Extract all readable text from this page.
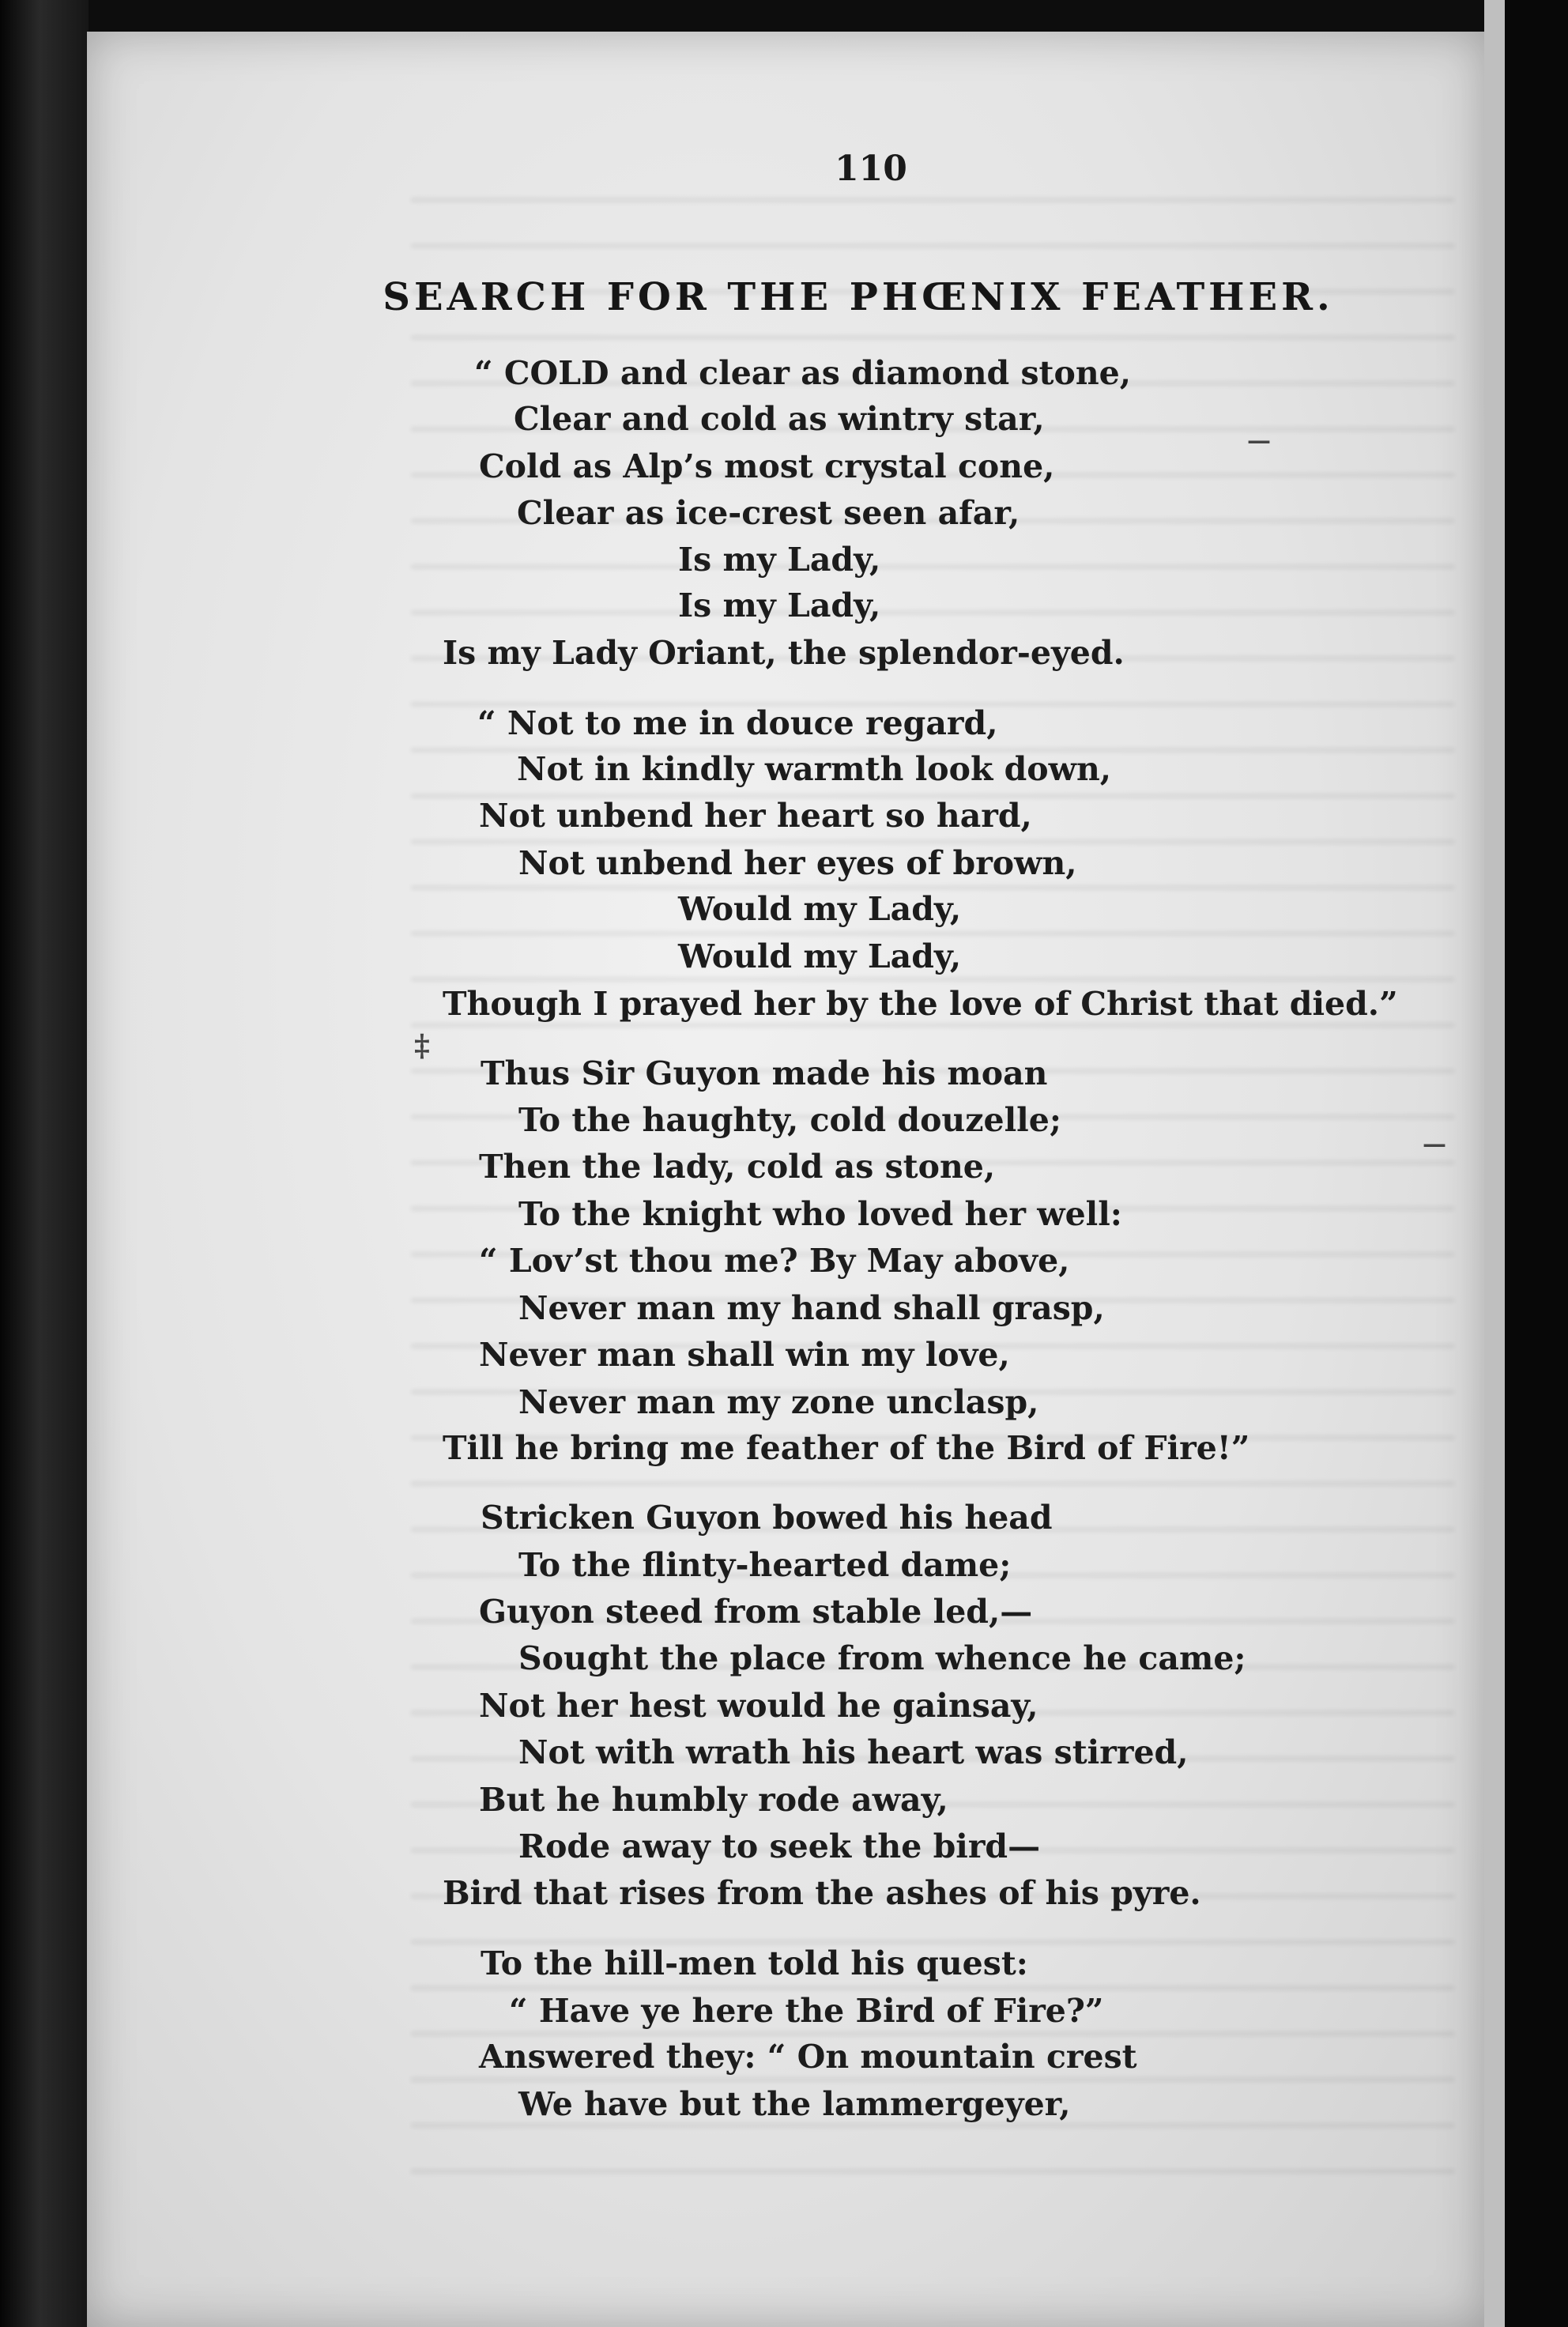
110
SEARCH FOR THE PHŒNIX FEATHER.
“ COLD and clear as diamond stone,
Clear and cold as wintry star,
Cold as Alp’s most crystal cone,
Clear as ice-crest seen afar,
Is my Lady,
Is my Lady,
Is my Lady Oriant, the splendor-eyed.
“ Not to me in douce regard,
Not in kindly warmth look down,
Not unbend her heart so hard,
Not unbend her eyes of brown,
Would my Lady,
Would my Lady,
Though I prayed her by the love of Christ that died.”
Thus Sir Guyon made his moan
To the haughty, cold douzelle;
Then the lady, cold as stone,
To the knight who loved her well:
“ Lov’st thou me? By May above,
Never man my hand shall grasp,
Never man shall win my love,
Never man my zone unclasp,
Till he bring me feather of the Bird of Fire!”
Stricken Guyon bowed his head
To the flinty-hearted dame;
Guyon steed from stable led,—
Sought the place from whence he came;
Not her hest would he gainsay,
Not with wrath his heart was stirred,
But he humbly rode away,
Rode away to seek the bird—
Bird that rises from the ashes of his pyre.
To the hill-men told his quest:
“ Have ye here the Bird of Fire?”
Answered they: “ On mountain crest
We have but the lammergeyer,
‡
—
—
